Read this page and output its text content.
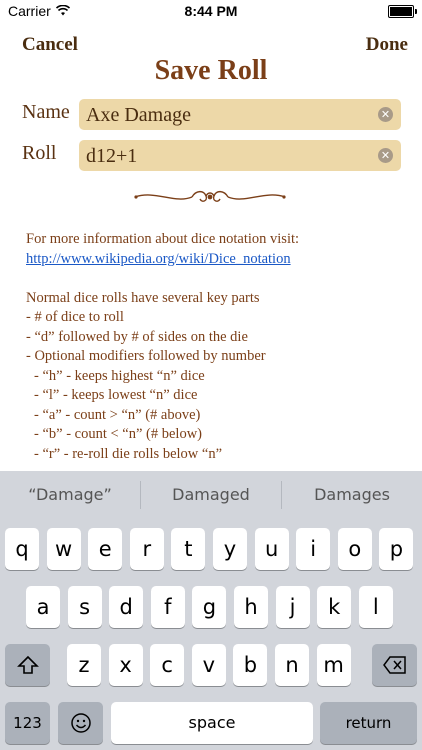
Carrier	8:44 PM
Cancel	Done
Save Roll
Name Axe Damage	✕
Roll d12+1	✕
For more information about dice notation visit:
http://www.wikipedia.org/wiki/Dice_notation
Normal dice rolls have several key parts
- # of dice to roll
- “d” followed by # of sides on the die
- Optional modifiers followed by number
- “h” - keeps highest “n” dice
- “l” - keeps lowest “n” dice
- “a” - count > “n” (# above)
- “b” - count < “n” (# below)
- “r” - re-roll die rolls below “n”
“Damage”	Damaged	Damages
q	w	e	r	t	y	u	i	o	p
a	s	d	f	g	h	j	k	l
z	x	c	v	b	n	m
123	space	return
